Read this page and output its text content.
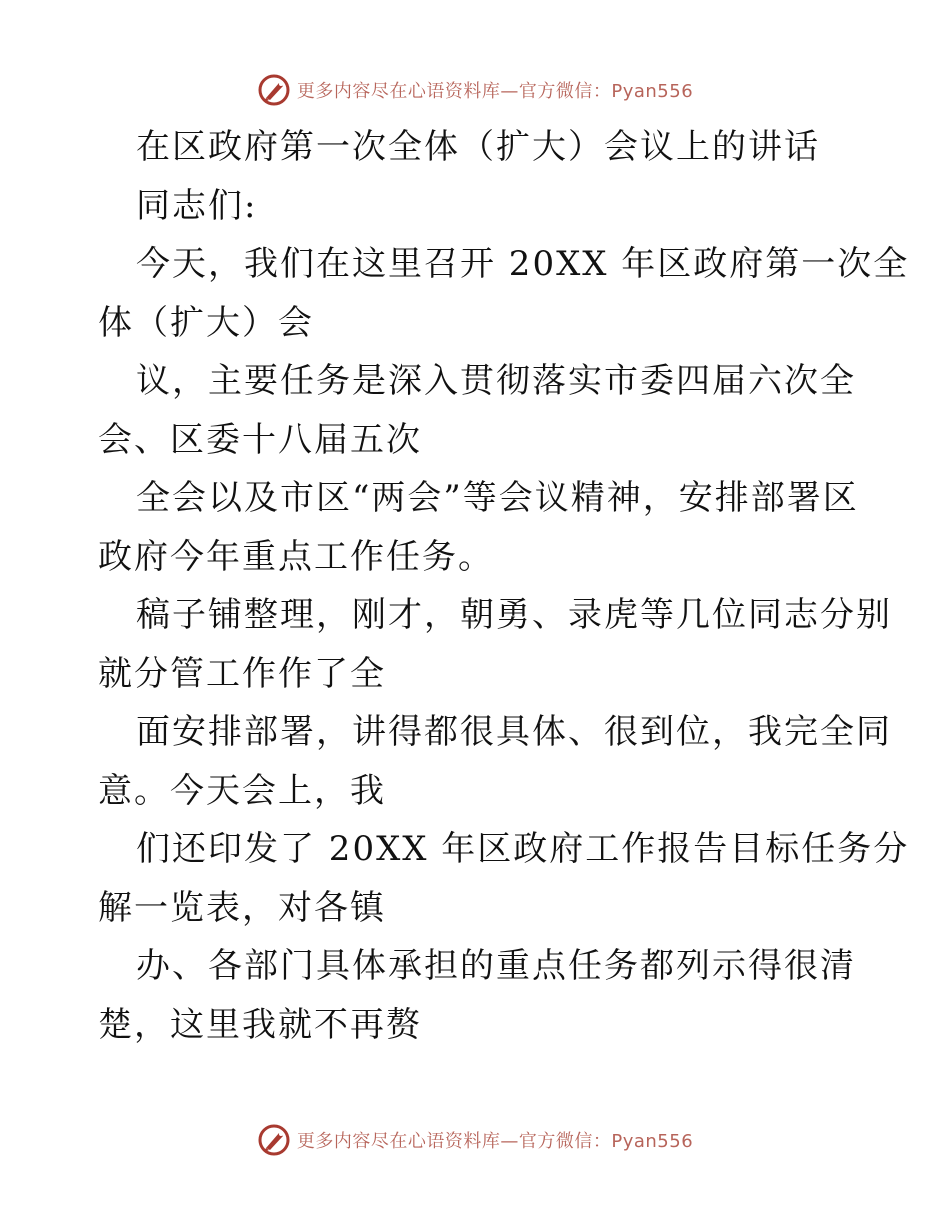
更多内容尽在心语资料库—官方微信：Pyan556
在区政府第一次全体（扩大）会议上的讲话
同志们:
今天，我们在这里召开 20XX 年区政府第一次全
体（扩大）会
议，主要任务是深入贯彻落实市委四届六次全
会、区委十八届五次
全会以及市区“两会”等会议精神，安排部署区
政府今年重点工作任务。
稿子铺整理，刚才，朝勇、录虎等几位同志分别
就分管工作作了全
面安排部署，讲得都很具体、很到位，我完全同
意。今天会上，我
们还印发了 20XX 年区政府工作报告目标任务分
解一览表，对各镇
办、各部门具体承担的重点任务都列示得很清
楚，这里我就不再赘
更多内容尽在心语资料库—官方微信：Pyan556
